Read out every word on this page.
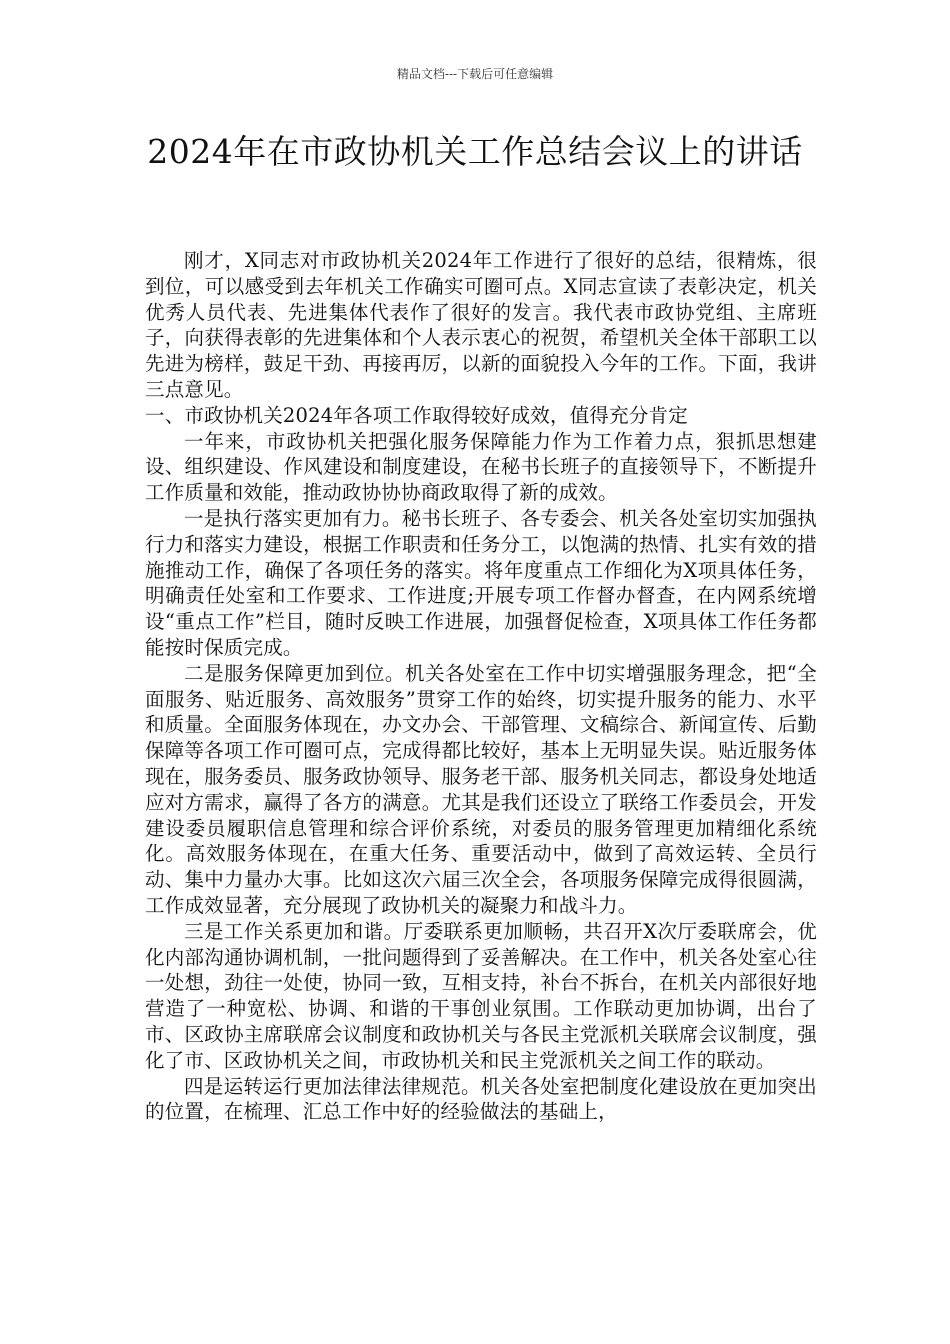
精品文档---下载后可任意编辑
2024年在市政协机关工作总结会议上的讲话

刚才，X同志对市政协机关2024年工作进行了很好的总结，很精炼，很到位，可以感受到去年机关工作确实可圈可点。X同志宣读了表彰决定，机关优秀人员代表、先进集体代表作了很好的发言。我代表市政协党组、主席班子，向获得表彰的先进集体和个人表示衷心的祝贺，希望机关全体干部职工以先进为榜样，鼓足干劲、再接再厉，以新的面貌投入今年的工作。下面，我讲三点意见。

一、市政协机关2024年各项工作取得较好成效，值得充分肯定

一年来，市政协机关把强化服务保障能力作为工作着力点，狠抓思想建设、组织建设、作风建设和制度建设，在秘书长班子的直接领导下，不断提升工作质量和效能，推动政协协协商政取得了新的成效。

一是执行落实更加有力。秘书长班子、各专委会、机关各处室切实加强执行力和落实力建设，根据工作职责和任务分工，以饱满的热情、扎实有效的措施推动工作，确保了各项任务的落实。将年度重点工作细化为X项具体任务，明确责任处室和工作要求、工作进度;开展专项工作督办督查，在内网系统增设“重点工作”栏目，随时反映工作进展，加强督促检查，X项具体工作任务都能按时保质完成。

二是服务保障更加到位。机关各处室在工作中切实增强服务理念，把“全面服务、贴近服务、高效服务”贯穿工作的始终，切实提升服务的能力、水平和质量。全面服务体现在，办文办会、干部管理、文稿综合、新闻宣传、后勤保障等各项工作可圈可点，完成得都比较好，基本上无明显失误。贴近服务体现在，服务委员、服务政协领导、服务老干部、服务机关同志，都设身处地适应对方需求，赢得了各方的满意。尤其是我们还设立了联络工作委员会，开发建设委员履职信息管理和综合评价系统，对委员的服务管理更加精细化系统化。高效服务体现在，在重大任务、重要活动中，做到了高效运转、全员行动、集中力量办大事。比如这次六届三次全会，各项服务保障完成得很圆满，工作成效显著，充分展现了政协机关的凝聚力和战斗力。

三是工作关系更加和谐。厅委联系更加顺畅，共召开X次厅委联席会，优化内部沟通协调机制，一批问题得到了妥善解决。在工作中，机关各处室心往一处想，劲往一处使，协同一致，互相支持，补台不拆台，在机关内部很好地营造了一种宽松、协调、和谐的干事创业氛围。工作联动更加协调，出台了市、区政协主席联席会议制度和政协机关与各民主党派机关联席会议制度，强化了市、区政协机关之间，市政协机关和民主党派机关之间工作的联动。

四是运转运行更加法律法律规范。机关各处室把制度化建设放在更加突出的位置，在梳理、汇总工作中好的经验做法的基础上，
